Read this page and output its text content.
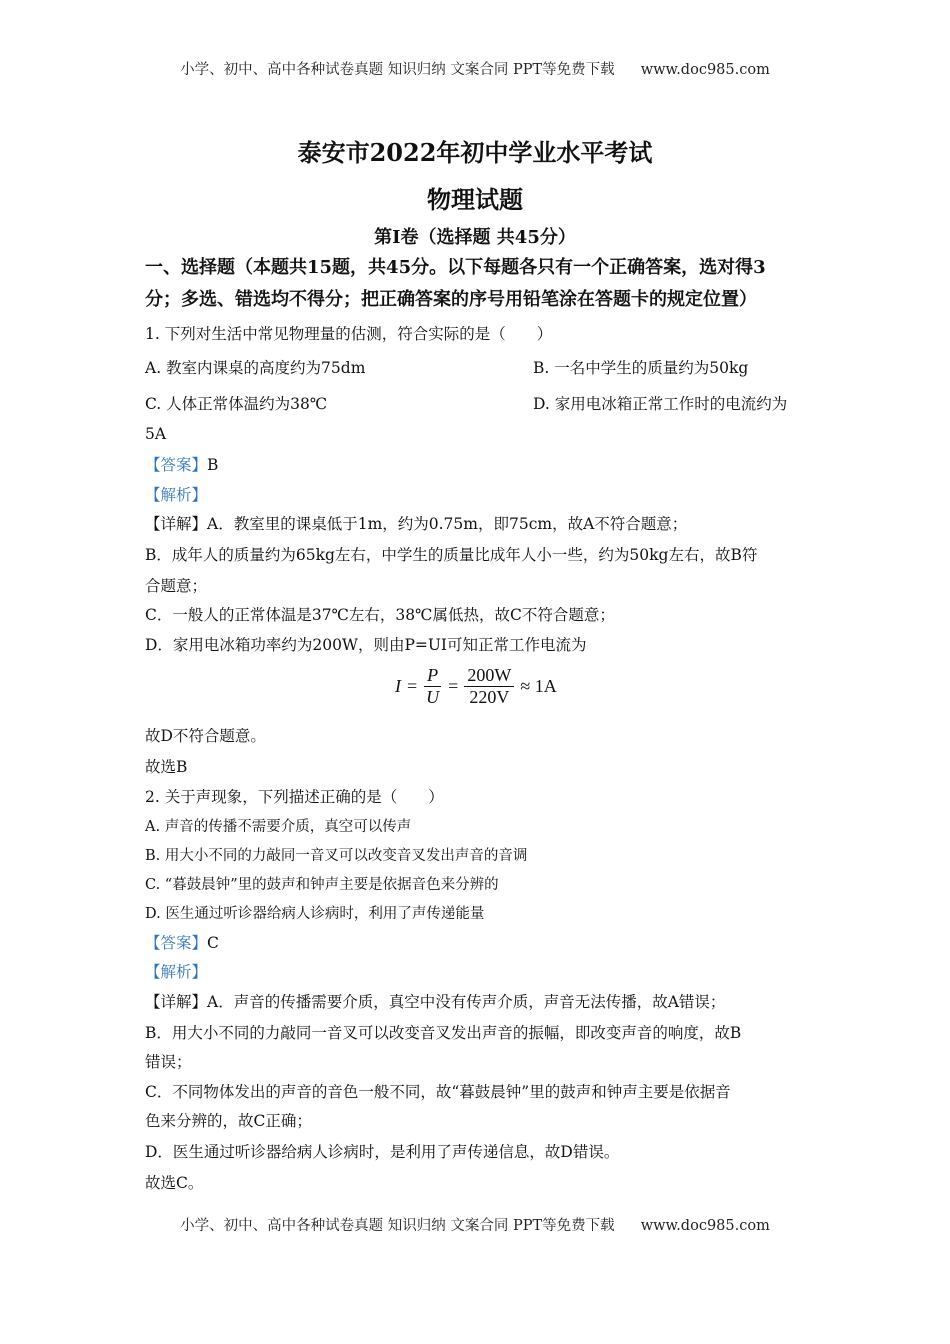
小学、初中、高中各种试卷真题 知识归纳 文案合同 PPT等免费下载 www.doc985.com
泰安市2022年初中学业水平考试
物理试题
第Ⅰ卷（选择题 共45分）
一、选择题（本题共15题，共45分。以下每题各只有一个正确答案，选对得3
分；多选、错选均不得分；把正确答案的序号用铅笔涂在答题卡的规定位置）
1. 下列对生活中常见物理量的估测，符合实际的是（　　）
A. 教室内课桌的高度约为75dm	B. 一名中学生的质量约为50kg
C. 人体正常体温约为38℃	D. 家用电冰箱正常工作时的电流约为
5A
【答案】B
【解析】
【详解】A．教室里的课桌低于1m，约为0.75m，即75cm，故A不符合题意；
B．成年人的质量约为65kg左右，中学生的质量比成年人小一些，约为50kg左右，故B符
合题意；
C．一般人的正常体温是37℃左右，38℃属低热，故C不符合题意；
D．家用电冰箱功率约为200W，则由P=UI可知正常工作电流为
$I = \frac{P}{U} = \frac{200W}{220V} \approx 1A$
故D不符合题意。
故选B
2. 关于声现象，下列描述正确的是（　　）
A. 声音的传播不需要介质，真空可以传声
B. 用大小不同的力敲同一音叉可以改变音叉发出声音的音调
C. “暮鼓晨钟”里的鼓声和钟声主要是依据音色来分辨的
D. 医生通过听诊器给病人诊病时，利用了声传递能量
【答案】C
【解析】
【详解】A．声音的传播需要介质，真空中没有传声介质，声音无法传播，故A错误；
B．用大小不同的力敲同一音叉可以改变音叉发出声音的振幅，即改变声音的响度，故B
错误；
C．不同物体发出的声音的音色一般不同，故“暮鼓晨钟”里的鼓声和钟声主要是依据音
色来分辨的，故C正确；
D．医生通过听诊器给病人诊病时，是利用了声传递信息，故D错误。
故选C。
小学、初中、高中各种试卷真题 知识归纳 文案合同 PPT等免费下载 www.doc985.com
